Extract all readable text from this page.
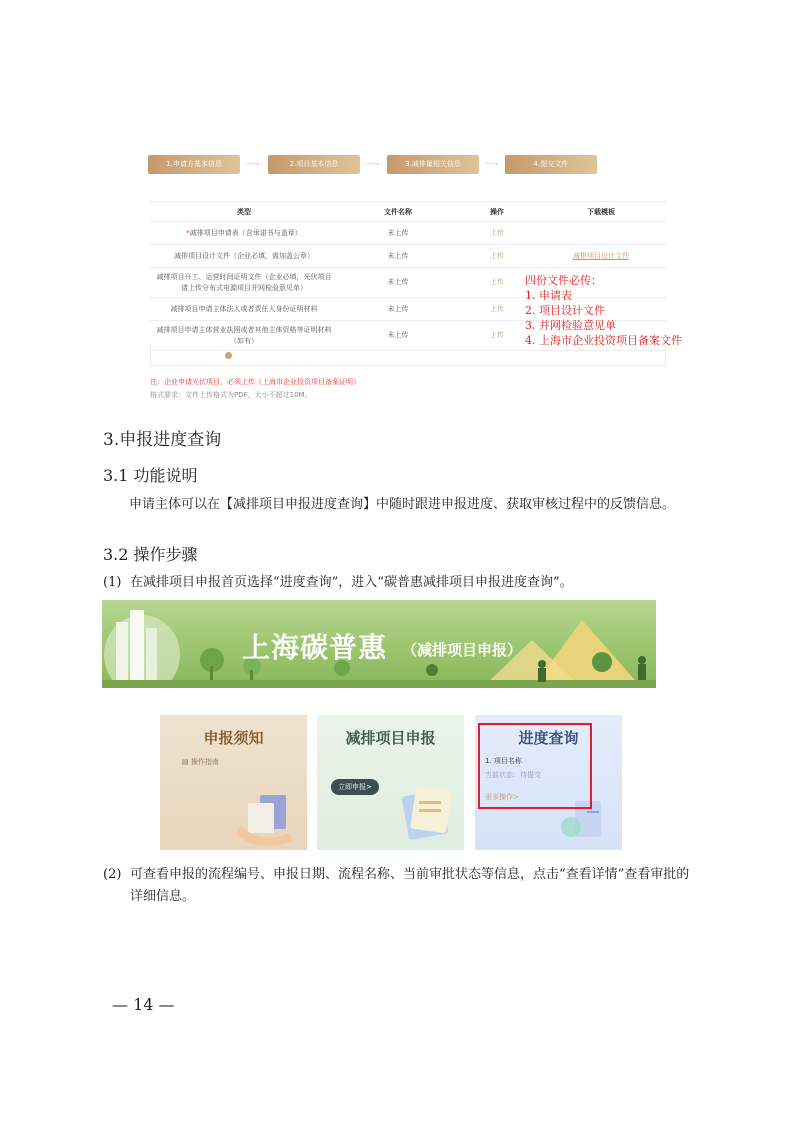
1.申请方基本信息	·····›	2.项目基本信息	·····›	3.减排量相关信息	·····›	4.提交文件
类型	文件名称	操作	下载模板
*减排项目申请表（含承诺书与盖章）	未上传	上传	
减排项目设计文件（企业必填，需加盖公章）	未上传	上传	减排项目设计文件
减排项目开工、运营时间证明文件（企业必填，光伏项目请上传分布式电源项目并网检验意见单）	未上传	上传	
减排项目申请主体法人或者责任人身份证明材料	未上传	上传	
减排项目申请主体营业执照或者其他主体资格等证明材料（如有）	未上传	上传	
四份文件必传：
1. 申请表
2. 项目设计文件
3. 并网检验意见单
4. 上海市企业投资项目备案文件
注：企业申请光伏项目，必须上传《上海市企业投资项目备案证明》
格式要求：文件上传格式为PDF，大小不超过10M。
3.申报进度查询
3.1 功能说明
申请主体可以在【减排项目申报进度查询】中随时跟进申报进度、获取审核过程中的反馈信息。
3.2 操作步骤
(1) 在减排项目申报首页选择“进度查询”，进入“碳普惠减排项目申报进度查询”。
上海碳普惠 （减排项目申报）
申报须知
▤ 操作指南
减排项目申报
立即申报>
进度查询
1. 项目名称
当前状态：待提交
更多操作>
(2) 可查看申报的流程编号、申报日期、流程名称、当前审批状态等信息，点击“查看详情”查看审批的详细信息。
— 14 —
